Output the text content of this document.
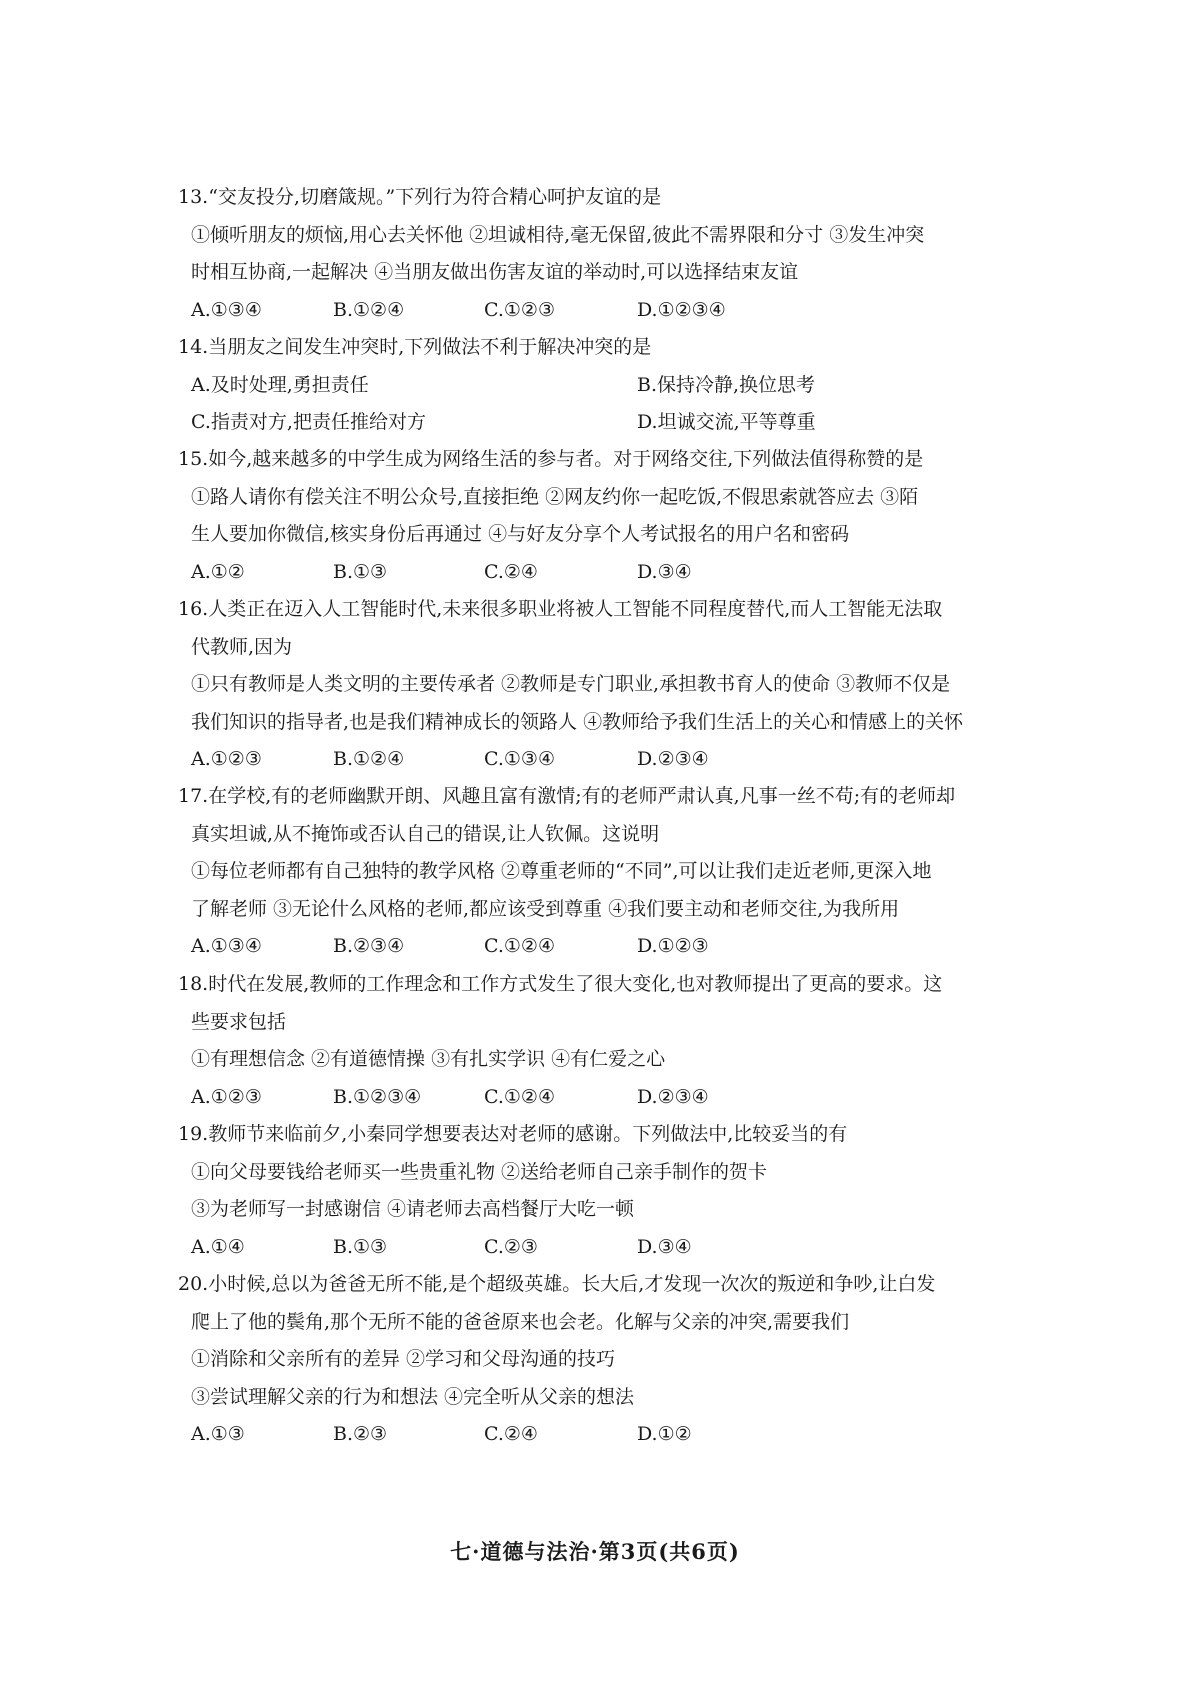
13.“交友投分,切磨箴规。”下列行为符合精心呵护友谊的是
①倾听朋友的烦恼,用心去关怀他 ②坦诚相待,毫无保留,彼此不需界限和分寸 ③发生冲突
时相互协商,一起解决 ④当朋友做出伤害友谊的举动时,可以选择结束友谊
A.①③④	B.①②④	C.①②③	D.①②③④
14.当朋友之间发生冲突时,下列做法不利于解决冲突的是
A.及时处理,勇担责任	B.保持冷静,换位思考
C.指责对方,把责任推给对方	D.坦诚交流,平等尊重
15.如今,越来越多的中学生成为网络生活的参与者。对于网络交往,下列做法值得称赞的是
①路人请你有偿关注不明公众号,直接拒绝 ②网友约你一起吃饭,不假思索就答应去 ③陌
生人要加你微信,核实身份后再通过 ④与好友分享个人考试报名的用户名和密码
A.①②	B.①③	C.②④	D.③④
16.人类正在迈入人工智能时代,未来很多职业将被人工智能不同程度替代,而人工智能无法取
代教师,因为
①只有教师是人类文明的主要传承者 ②教师是专门职业,承担教书育人的使命 ③教师不仅是
我们知识的指导者,也是我们精神成长的领路人 ④教师给予我们生活上的关心和情感上的关怀
A.①②③	B.①②④	C.①③④	D.②③④
17.在学校,有的老师幽默开朗、风趣且富有激情;有的老师严肃认真,凡事一丝不苟;有的老师却
真实坦诚,从不掩饰或否认自己的错误,让人钦佩。这说明
①每位老师都有自己独特的教学风格 ②尊重老师的“不同”,可以让我们走近老师,更深入地
了解老师 ③无论什么风格的老师,都应该受到尊重 ④我们要主动和老师交往,为我所用
A.①③④	B.②③④	C.①②④	D.①②③
18.时代在发展,教师的工作理念和工作方式发生了很大变化,也对教师提出了更高的要求。这
些要求包括
①有理想信念 ②有道德情操 ③有扎实学识 ④有仁爱之心
A.①②③	B.①②③④	C.①②④	D.②③④
19.教师节来临前夕,小秦同学想要表达对老师的感谢。下列做法中,比较妥当的有
①向父母要钱给老师买一些贵重礼物 ②送给老师自己亲手制作的贺卡
③为老师写一封感谢信 ④请老师去高档餐厅大吃一顿
A.①④	B.①③	C.②③	D.③④
20.小时候,总以为爸爸无所不能,是个超级英雄。长大后,才发现一次次的叛逆和争吵,让白发
爬上了他的鬓角,那个无所不能的爸爸原来也会老。化解与父亲的冲突,需要我们
①消除和父亲所有的差异 ②学习和父母沟通的技巧
③尝试理解父亲的行为和想法 ④完全听从父亲的想法
A.①③	B.②③	C.②④	D.①②
七·道德与法治·第3页(共6页)
